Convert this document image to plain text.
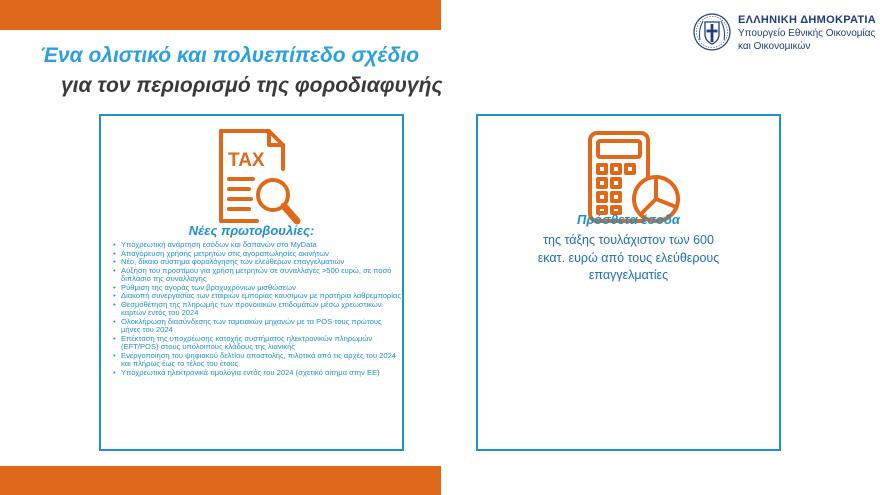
ΕΛΛΗΝΙΚΗ ΔΗΜΟΚΡΑΤΙΑ
Υπουργείο Εθνικής Οικονομίας
και Οικονομικών
Ένα ολιστικό και πολυεπίπεδο σχέδιο
για τον περιορισμό της φοροδιαφυγής
TAX
Νέες πρωτοβουλίες:
• Υποχρεωτική ανάρτηση εσόδων και δαπανών στο MyData
• Απαγόρευση χρήσης μετρητών στις αγοραπωλησίες ακινήτων
• Νέο, δίκαιο σύστημα φορολόγησης των ελεύθερων επαγγελματιών
• Αύξηση του προστίμου για χρήση μετρητών σε συναλλαγές >500 ευρώ, σε ποσό διπλάσιο της συναλλαγής
• Ρύθμιση της αγοράς των βραχυχρόνιων μισθώσεων
• Διακοπή συνεργασίας των εταιριών εμπορίας καυσίμων με πρατήρια λαθρεμπορίας
• Θεσμοθέτηση της πληρωμής των προνοιακών επιδομάτων μέσω χρεωστικών καρτών εντός του 2024
• Ολοκλήρωση διασύνδεσης των ταμειακών μηχανών με τα POS τους πρώτους μήνες του 2024
• Επέκταση της υποχρέωσης κατοχής συστήματος ηλεκτρονικών πληρωμών (EFT/POS) στους υπόλοιπους κλάδους της λιανικής
• Ενεργοποίηση του ψηφιακού δελτίου αποστολής, πιλοτικά από τις αρχές του 2024 και πλήρως έως το τέλος του έτους
• Υποχρεωτικά ηλεκτρονικά τιμολόγια εντός του 2024 (σχετικό αίτημα στην ΕΕ)
Πρόσθετα έσοδα
της τάξης τουλάχιστον των 600
εκατ. ευρώ από τους ελεύθερους
επαγγελματίες
